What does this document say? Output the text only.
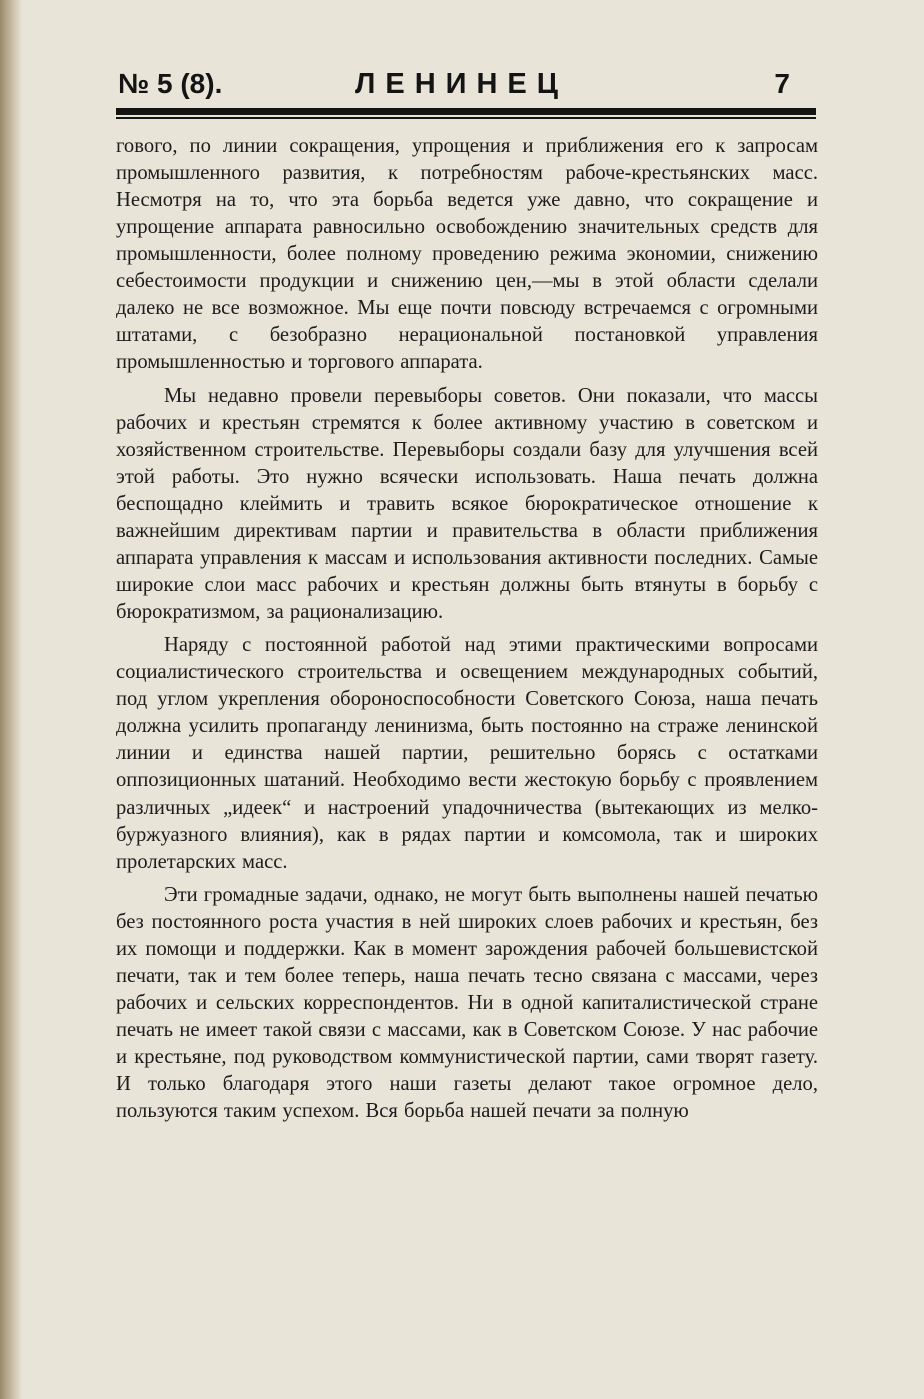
№ 5 (8).	ЛЕНИНЕЦ	7

гового, по линии сокращения, упрощения и приближения его к запросам промышленного развития, к потребностям рабоче-крестьянских масс. Несмотря на то, что эта борьба ведется уже давно, что сокращение и упрощение аппарата равносильно освобождению значительных средств для промышленности, более полному проведению режима экономии, снижению себестоимости продукции и снижению цен,—мы в этой области сделали далеко не все возможное. Мы еще почти повсюду встречаемся с огромными штатами, с безобразно нерациональной постановкой управления промышленностью и торгового аппарата.

Мы недавно провели перевыборы советов. Они показали, что массы рабочих и крестьян стремятся к более активному участию в советском и хозяйственном строительстве. Перевыборы создали базу для улучшения всей этой работы. Это нужно всячески использовать. Наша печать должна беспощадно клеймить и травить всякое бюрократическое отношение к важнейшим директивам партии и правительства в области приближения аппарата управления к массам и использования активности последних. Самые широкие слои масс рабочих и крестьян должны быть втянуты в борьбу с бюрократизмом, за рационализацию.

Наряду с постоянной работой над этими практическими вопросами социалистического строительства и освещением международных событий, под углом укрепления обороноспособности Советского Союза, наша печать должна усилить пропаганду ленинизма, быть постоянно на страже ленинской линии и единства нашей партии, решительно борясь с остатками оппозиционных шатаний. Необходимо вести жестокую борьбу с проявлением различных „идеек“ и настроений упадочничества (вытекающих из мелко-буржуазного влияния), как в рядах партии и комсомола, так и широких пролетарских масс.

Эти громадные задачи, однако, не могут быть выполнены нашей печатью без постоянного роста участия в ней широких слоев рабочих и крестьян, без их помощи и поддержки. Как в момент зарождения рабочей большевистской печати, так и тем более теперь, наша печать тесно связана с массами, через рабочих и сельских корреспондентов. Ни в одной капиталистической стране печать не имеет такой связи с массами, как в Советском Союзе. У нас рабочие и крестьяне, под руководством коммунистической партии, сами творят газету. И только благодаря этого наши газеты делают такое огромное дело, пользуются таким успехом. Вся борьба нашей печати за полную
